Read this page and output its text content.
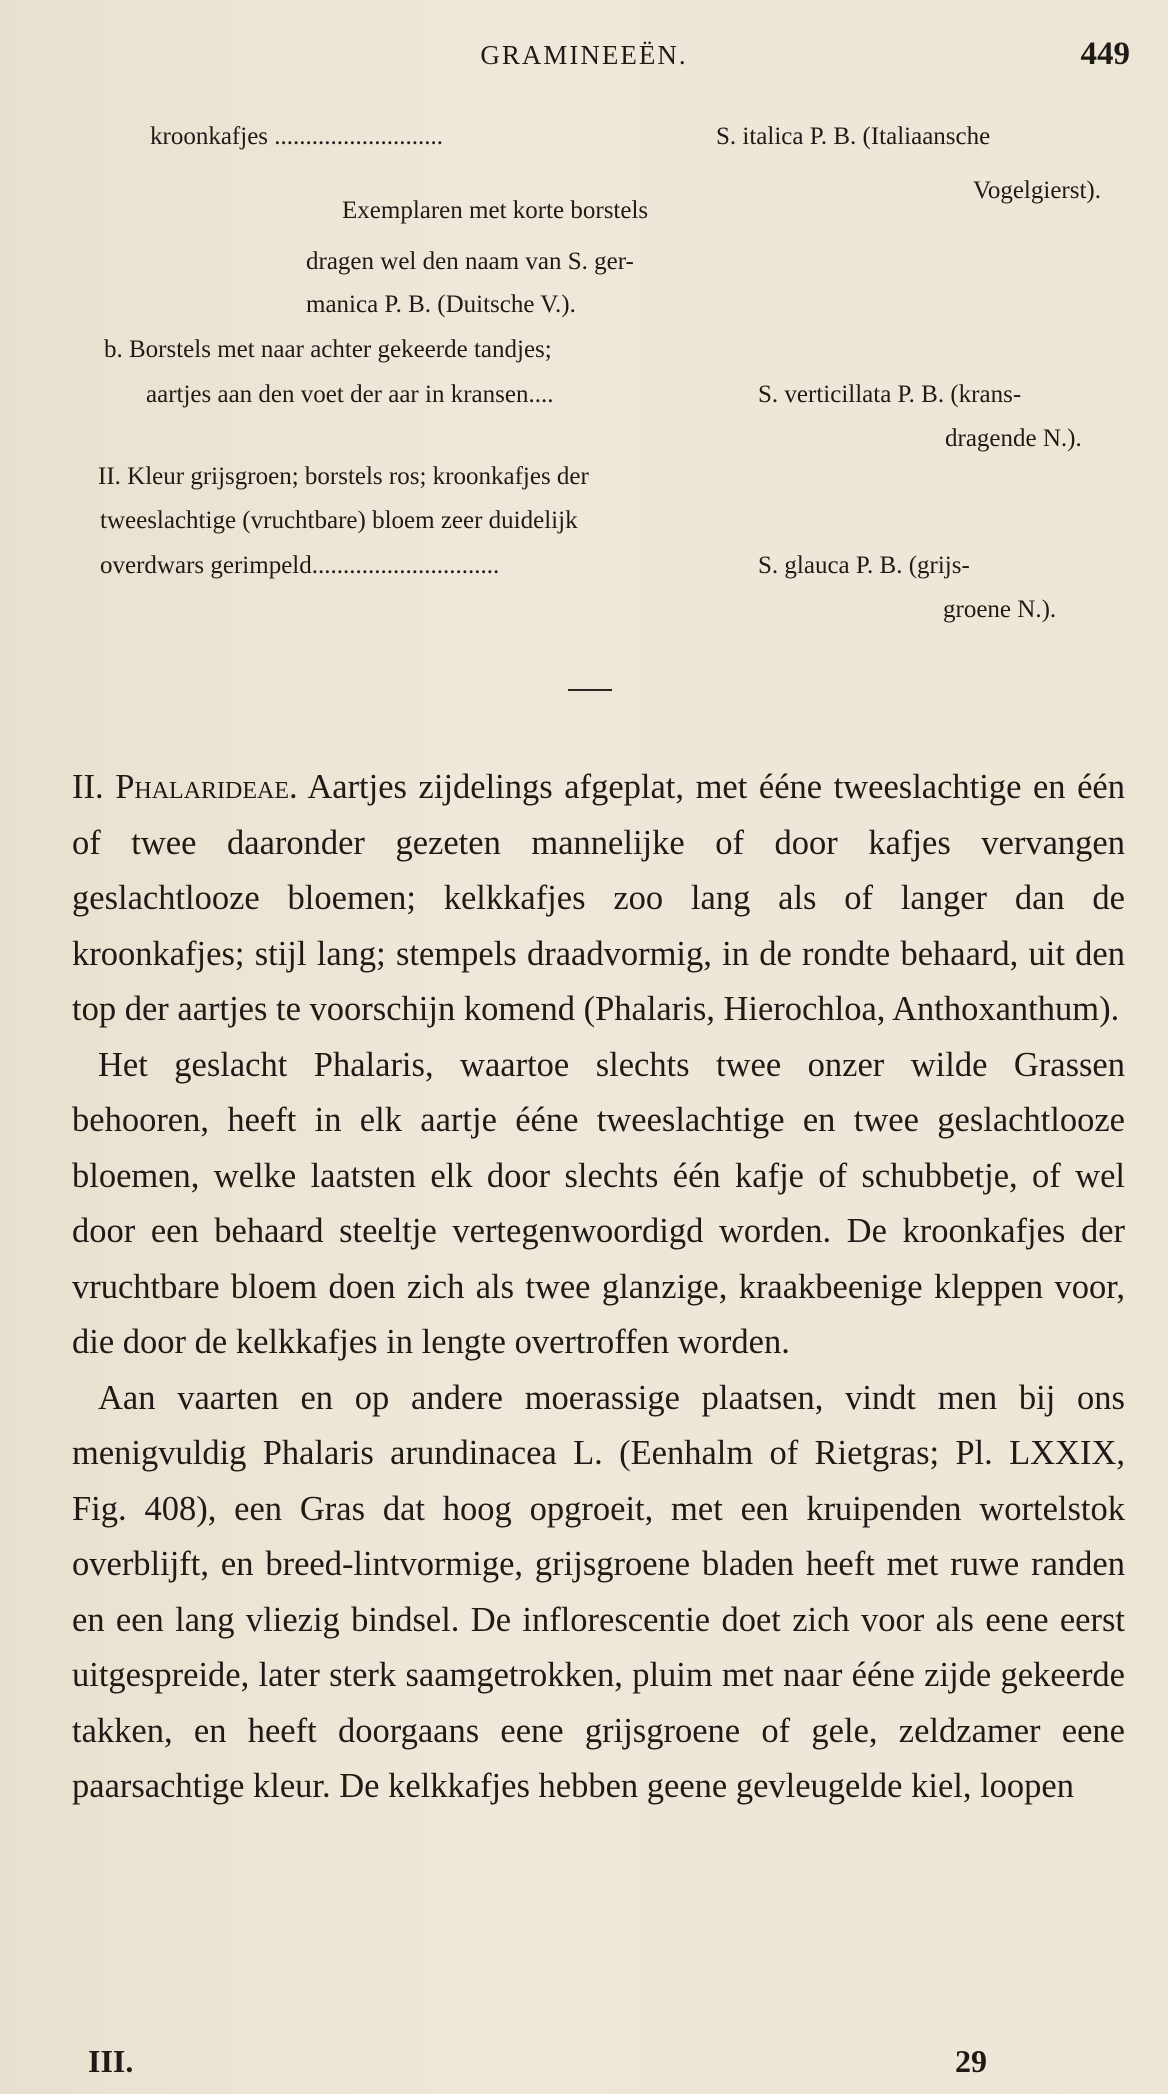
GRAMINEEËN.	449
kroonkafjes ...........................	S. italica P. B. (Italiaansche
Vogelgierst).
Exemplaren met korte borstels
dragen wel den naam van S. ger-
manica P. B. (Duitsche V.).
b. Borstels met naar achter gekeerde tandjes;
aartjes aan den voet der aar in kransen....	S. verticillata P. B. (krans-
dragende N.).
II. Kleur grijsgroen; borstels ros; kroonkafjes der
tweeslachtige (vruchtbare) bloem zeer duidelijk
overdwars gerimpeld..............................	S. glauca P. B. (grijs-
groene N.).

II. Phalarideae. Aartjes zijdelings afgeplat, met ééne tweeslachtige en één of twee daaronder gezeten mannelijke of door kafjes vervangen geslachtlooze bloemen; kelkkafjes zoo lang als of langer dan de kroonkafjes; stijl lang; stempels draadvormig, in de rondte behaard, uit den top der aartjes te voorschijn komend (Phalaris, Hierochloa, Anthoxanthum).

Het geslacht Phalaris, waartoe slechts twee onzer wilde Grassen behooren, heeft in elk aartje ééne tweeslachtige en twee geslachtlooze bloemen, welke laatsten elk door slechts één kafje of schubbetje, of wel door een behaard steeltje vertegenwoordigd worden. De kroonkafjes der vruchtbare bloem doen zich als twee glanzige, kraakbeenige kleppen voor, die door de kelkkafjes in lengte overtroffen worden.

Aan vaarten en op andere moerassige plaatsen, vindt men bij ons menigvuldig Phalaris arundinacea L. (Eenhalm of Rietgras; Pl. LXXIX, Fig. 408), een Gras dat hoog opgroeit, met een kruipenden wortelstok overblijft, en breed-lintvormige, grijsgroene bladen heeft met ruwe randen en een lang vliezig bindsel. De inflorescentie doet zich voor als eene eerst uitgespreide, later sterk saamgetrokken, pluim met naar ééne zijde gekeerde takken, en heeft doorgaans eene grijsgroene of gele, zeldzamer eene paarsachtige kleur. De kelkkafjes hebben geene gevleugelde kiel, loopen

III.	29
